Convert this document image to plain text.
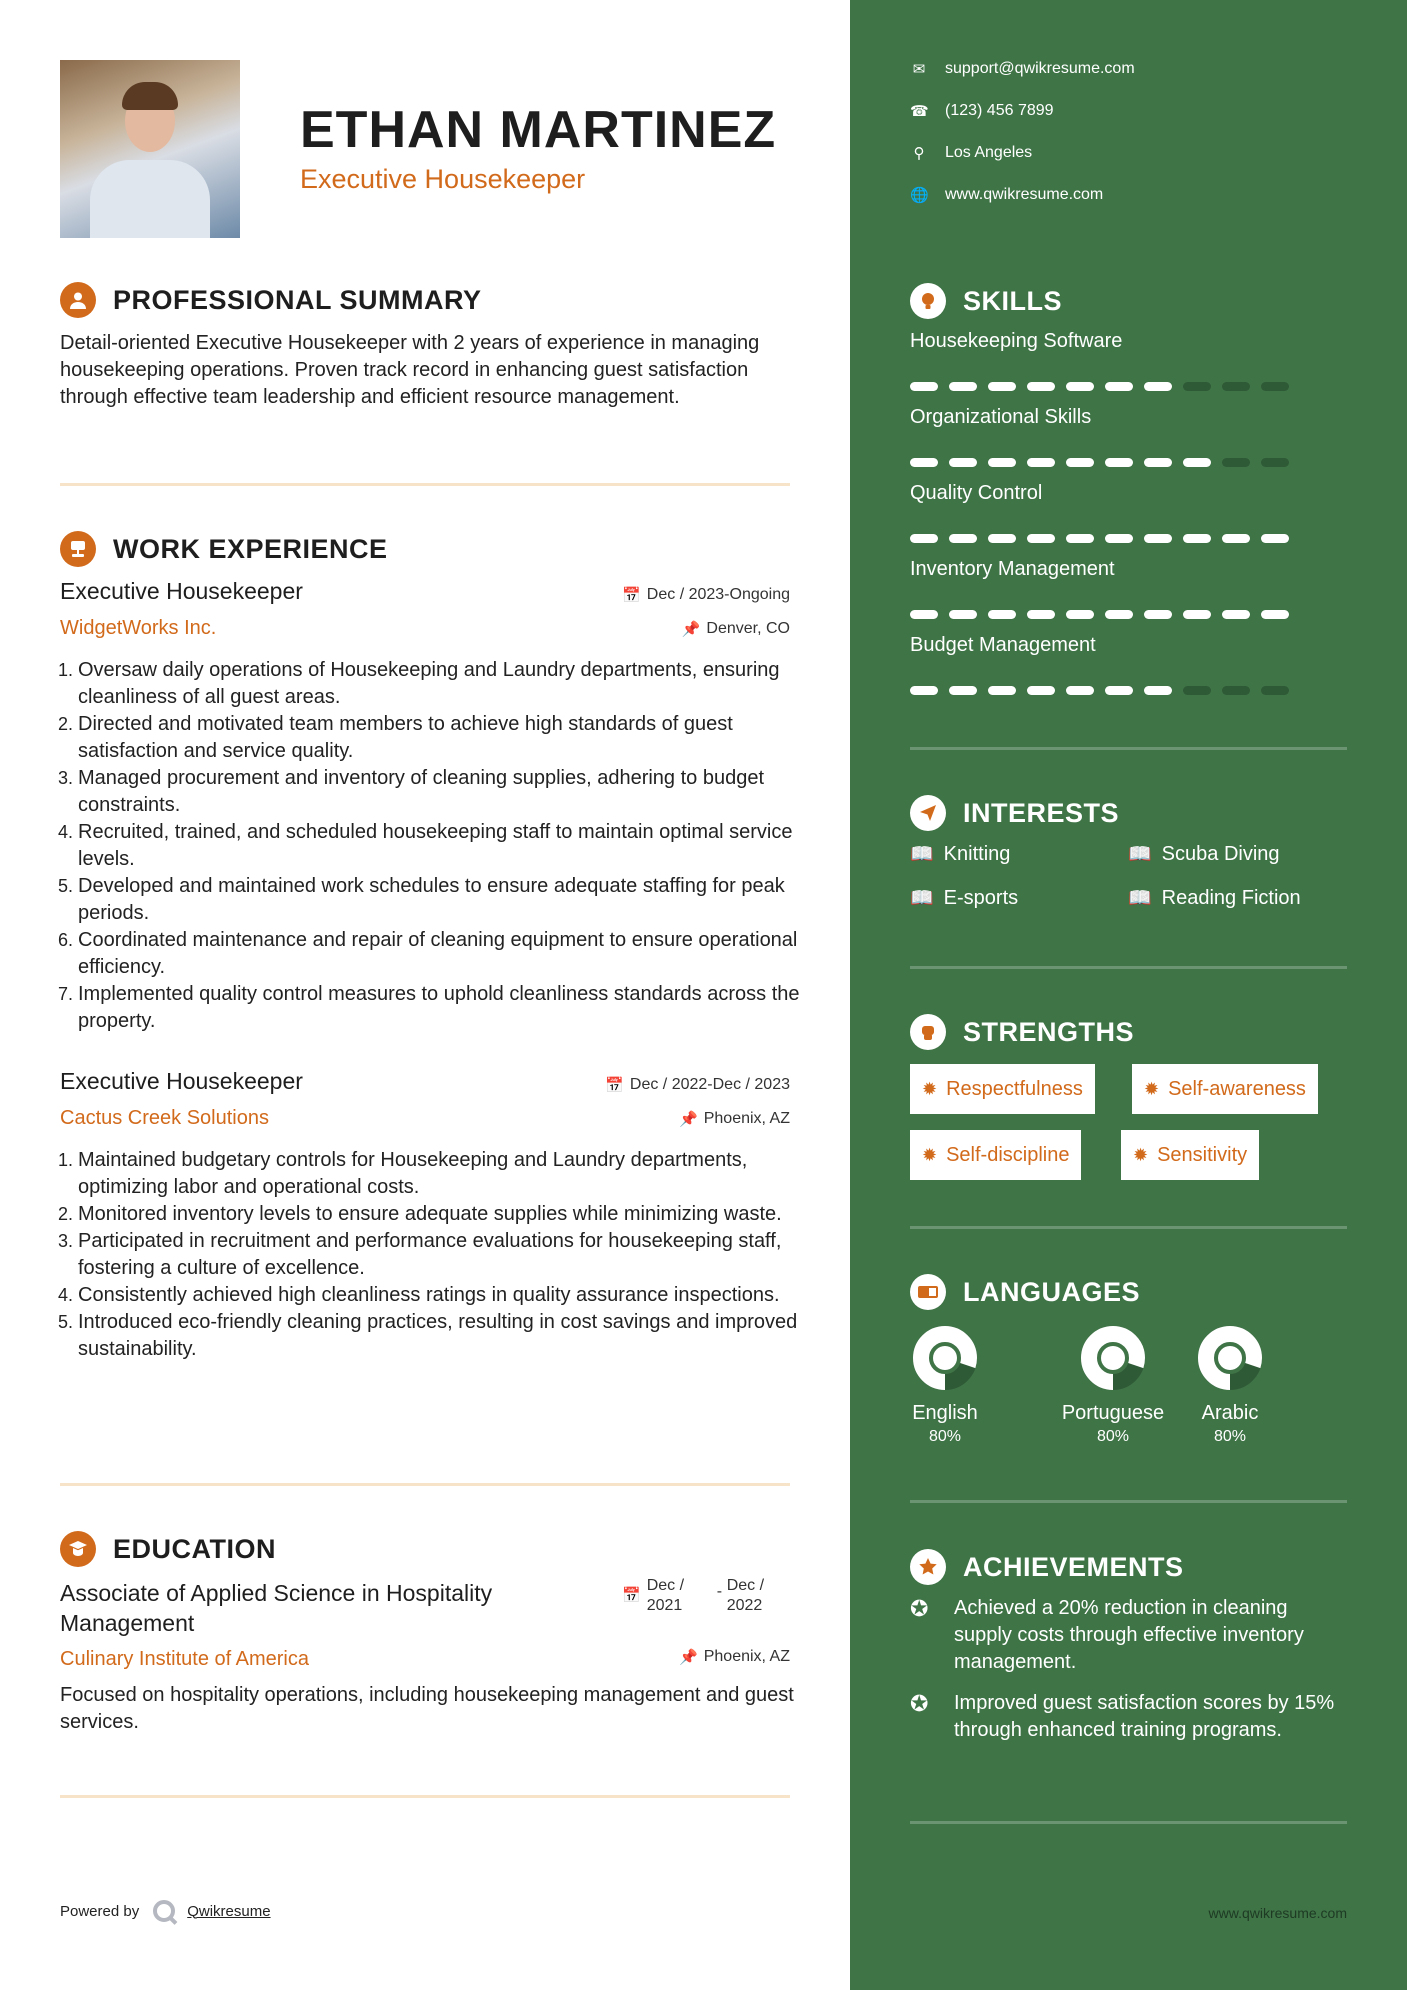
ETHAN MARTINEZ
Executive Housekeeper
PROFESSIONAL SUMMARY
Detail-oriented Executive Housekeeper with 2 years of experience in managing housekeeping operations. Proven track record in enhancing guest satisfaction through effective team leadership and efficient resource management.
WORK EXPERIENCE
Executive Housekeeper	📅 Dec / 2023-Ongoing
WidgetWorks Inc.	📌 Denver, CO
1. Oversaw daily operations of Housekeeping and Laundry departments, ensuring cleanliness of all guest areas.
2. Directed and motivated team members to achieve high standards of guest satisfaction and service quality.
3. Managed procurement and inventory of cleaning supplies, adhering to budget constraints.
4. Recruited, trained, and scheduled housekeeping staff to maintain optimal service levels.
5. Developed and maintained work schedules to ensure adequate staffing for peak periods.
6. Coordinated maintenance and repair of cleaning equipment to ensure operational efficiency.
7. Implemented quality control measures to uphold cleanliness standards across the property.
Executive Housekeeper	📅 Dec / 2022-Dec / 2023
Cactus Creek Solutions	📌 Phoenix, AZ
1. Maintained budgetary controls for Housekeeping and Laundry departments, optimizing labor and operational costs.
2. Monitored inventory levels to ensure adequate supplies while minimizing waste.
3. Participated in recruitment and performance evaluations for housekeeping staff, fostering a culture of excellence.
4. Consistently achieved high cleanliness ratings in quality assurance inspections.
5. Introduced eco-friendly cleaning practices, resulting in cost savings and improved sustainability.
EDUCATION
Associate of Applied Science in Hospitality Management
📅
Dec / 2021
- Dec / 2022
Culinary Institute of America	📌 Phoenix, AZ
Focused on hospitality operations, including housekeeping management and guest services.
Powered by	Qwikresume
✉ support@qwikresume.com
☎ (123) 456 7899
⚲ Los Angeles
🌐 www.qwikresume.com
SKILLS
Housekeeping Software
Organizational Skills
Quality Control
Inventory Management
Budget Management
INTERESTS
📖 Knitting	📖 Scuba Diving
📖 E-sports	📖 Reading Fiction
STRENGTHS
✹ Respectfulness	✹ Self-awareness
✹ Self-discipline	✹ Sensitivity
LANGUAGES
English
80%
Portuguese
80%
Arabic
80%
ACHIEVEMENTS
✪	Achieved a 20% reduction in cleaning supply costs through effective inventory management.
✪	Improved guest satisfaction scores by 15% through enhanced training programs.
www.qwikresume.com
